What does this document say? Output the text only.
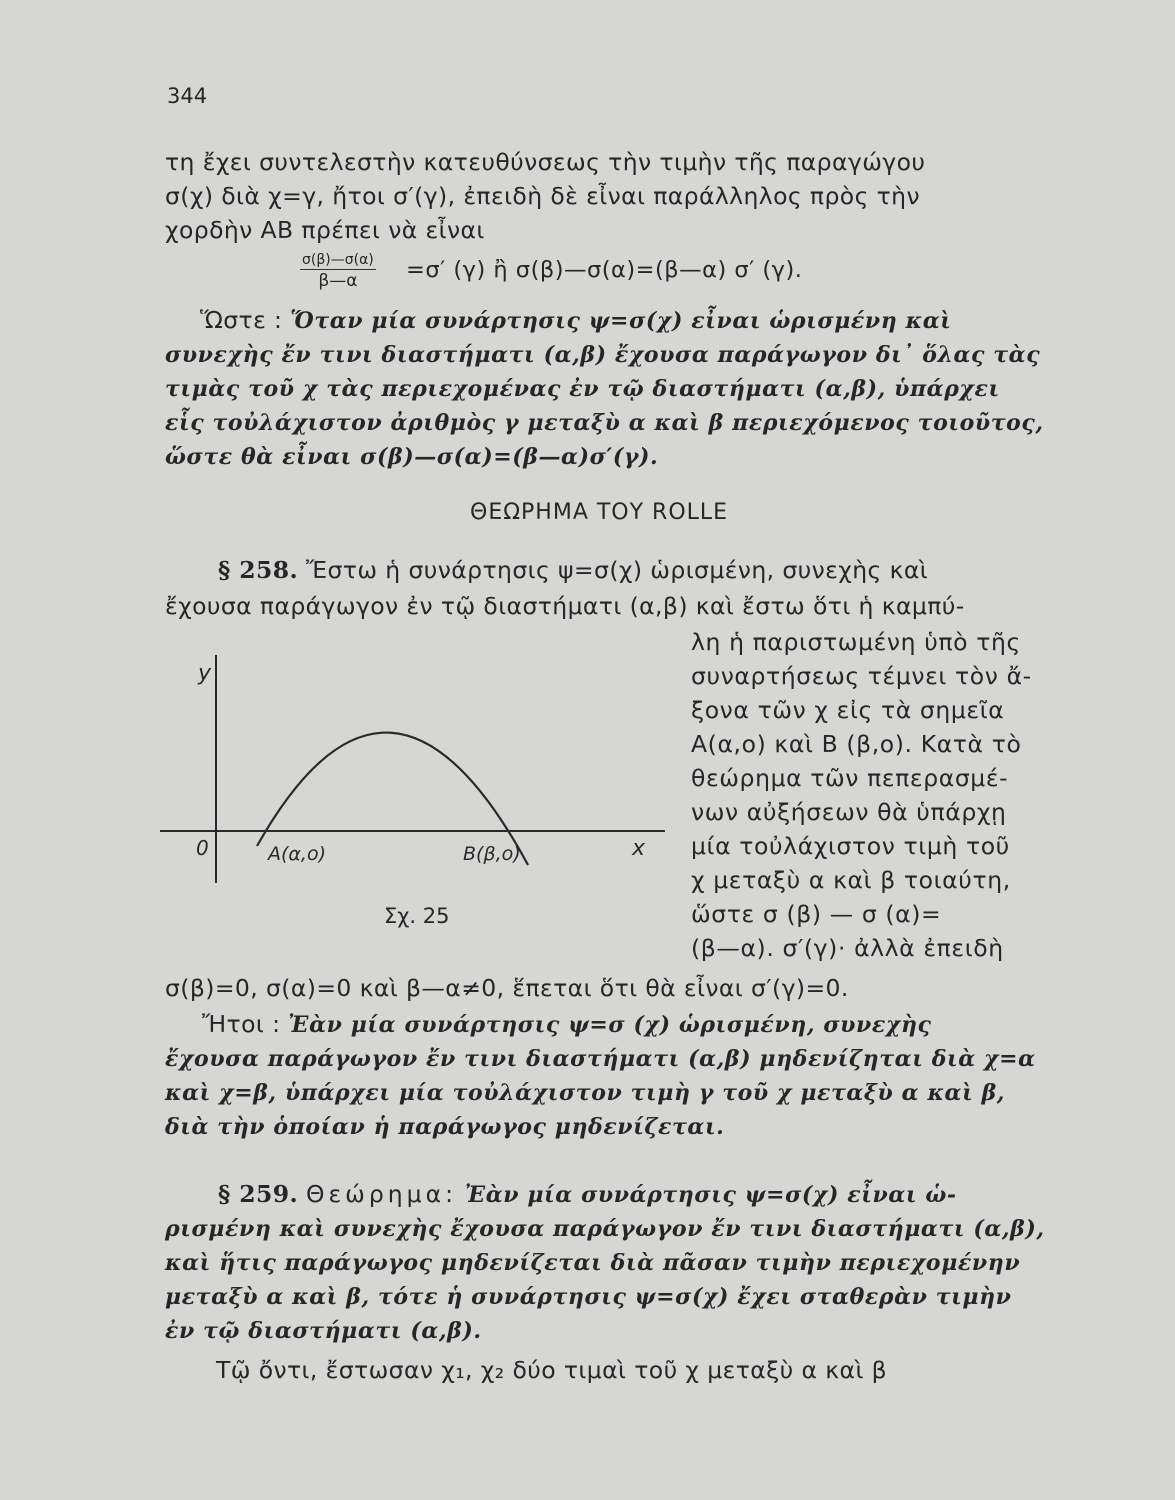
344
τη ἔχει συντελεστὴν κατευθύνσεως τὴν τιμὴν τῆς παραγώγου
σ(χ) διὰ χ=γ, ἤτοι σ′(γ), ἐπειδὴ δὲ εἶναι παράλληλος πρὸς τὴν
χορδὴν ΑΒ πρέπει νὰ εἶναι
σ(β)—σ(α)
β—α	=σ′ (γ) ἢ σ(β)—σ(α)=(β—α) σ′ (γ).
Ὥστε : Ὅταν μία συνάρτησις ψ=σ(χ) εἶναι ὡρισμένη καὶ
συνεχὴς ἔν τινι διαστήματι (α,β) ἔχουσα παράγωγον δι᾽ ὅλας τὰς
τιμὰς τοῦ χ τὰς περιεχομένας ἐν τῷ διαστήματι (α,β), ὑπάρχει
εἷς τοὐλάχιστον ἀριθμὸς γ μεταξὺ α καὶ β περιεχόμενος τοιοῦτος,
ὥστε θὰ εἶναι σ(β)—σ(α)=(β—α)σ′(γ).
ΘΕΩΡΗΜΑ ΤΟΥ ROLLE
§ 258. Ἔστω ἡ συνάρτησις ψ=σ(χ) ὡρισμένη, συνεχὴς καὶ
ἔχουσα παράγωγον ἐν τῷ διαστήματι (α,β) καὶ ἔστω ὅτι ἡ καμπύ-
λη ἡ παριστωμένη ὑπὸ τῆς
συναρτήσεως τέμνει τὸν ἄ-
ξονα τῶν χ εἰς τὰ σημεῖα
Α(α,ο) καὶ Β (β,ο). Κατὰ τὸ
θεώρημα τῶν πεπερασμέ-
νων αὐξήσεων θὰ ὑπάρχῃ
μία τοὐλάχιστον τιμὴ τοῦ
χ μεταξὺ α καὶ β τοιαύτη,
ὥστε σ (β) — σ (α)=
(β—α). σ′(γ)· ἀλλὰ ἐπειδὴ
y
x
0	A(α,o)	B(β,o)
Σχ. 25
σ(β)=0, σ(α)=0 καὶ β—α≠0, ἕπεται ὅτι θὰ εἶναι σ′(γ)=0.
Ἤτοι : Ἐὰν μία συνάρτησις ψ=σ (χ) ὡρισμένη, συνεχὴς
ἔχουσα παράγωγον ἔν τινι διαστήματι (α,β) μηδενίζηται διὰ χ=α
καὶ χ=β, ὑπάρχει μία τοὐλάχιστον τιμὴ γ τοῦ χ μεταξὺ α καὶ β,
διὰ τὴν ὁποίαν ἡ παράγωγος μηδενίζεται.
§ 259. Θεώρημα: Ἐὰν μία συνάρτησις ψ=σ(χ) εἶναι ὡ-
ρισμένη καὶ συνεχὴς ἔχουσα παράγωγον ἔν τινι διαστήματι (α,β),
καὶ ἥτις παράγωγος μηδενίζεται διὰ πᾶσαν τιμὴν περιεχομένην
μεταξὺ α καὶ β, τότε ἡ συνάρτησις ψ=σ(χ) ἔχει σταθερὰν τιμὴν
ἐν τῷ διαστήματι (α,β).
Τῷ ὄντι, ἔστωσαν χ₁, χ₂ δύο τιμαὶ τοῦ χ μεταξὺ α καὶ β
